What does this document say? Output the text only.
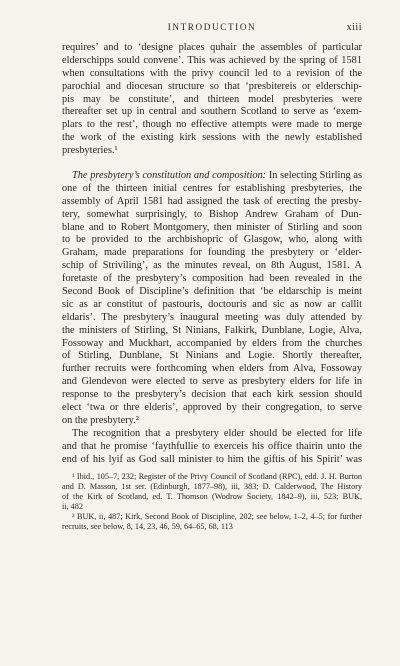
INTRODUCTION	xiii
requires’ and to ‘designe places quhair the assembles of particular
elderschipps sould convene’. This was achieved by the spring of 1581
when consultations with the privy council led to a revision of the
parochial and diocesan structure so that ‘presbitereis or elderschip-
pis may be constitute’, and thirteen model presbyteries were
thereafter set up in central and southern Scotland to serve as ‘exem-
plars to the rest’, though no effective attempts were made to merge
the work of the existing kirk sessions with the newly established
presbyteries.¹
The presbytery’s constitution and composition: In selecting Stirling as
one of the thirteen initial centres for establishing presbyteries, the
assembly of April 1581 had assigned the task of erecting the presby-
tery, somewhat surprisingly, to Bishop Andrew Graham of Dun-
blane and to Robert Montgomery, then minister of Stirling and soon
to be provided to the archbishopric of Glasgow, who, along with
Graham, made preparations for founding the presbytery or ‘elder-
schip of Striviling’, as the minutes reveal, on 8th August, 1581. A
foretaste of the presbytery’s composition had been revealed in the
Second Book of Discipline’s definition that ‘be eldarschip is meint
sic as ar constitut of pastouris, doctouris and sic as now ar callit
eldaris’. The presbytery’s inaugural meeting was duly attended by
the ministers of Stirling, St Ninians, Falkirk, Dunblane, Logie, Alva,
Fossoway and Muckhart, accompanied by elders from the churches
of Stirling, Dunblane, St Ninians and Logie. Shortly thereafter,
further recruits were forthcoming when elders from Alva, Fossoway
and Glendevon were elected to serve as presbytery elders for life in
response to the presbytery’s decision that each kirk session should
elect ‘twa or thre elderis’, approved by their congregation, to serve
on the presbytery.²
The recognition that a presbytery elder should be elected for life
and that he promise ‘faythfullie to exerceis his office thairin unto the
end of his lyif as God sall minister to him the giftis of his Spirit’ was
¹ Ibid., 105–7, 232; Register of the Privy Council of Scotland (RPC), edd. J. H. Burton
and D. Masson, 1st ser. (Edinburgh, 1877–98), iii, 383; D. Calderwood, The History
of the Kirk of Scotland, ed. T. Thomson (Wodrow Society, 1842–9), iii, 523; BUK,
ii, 482
² BUK, ii, 487; Kirk, Second Book of Discipline, 202; see below, 1–2, 4–5; for further
recruits, see below, 8, 14, 23, 46, 59, 64–65, 68, 113
